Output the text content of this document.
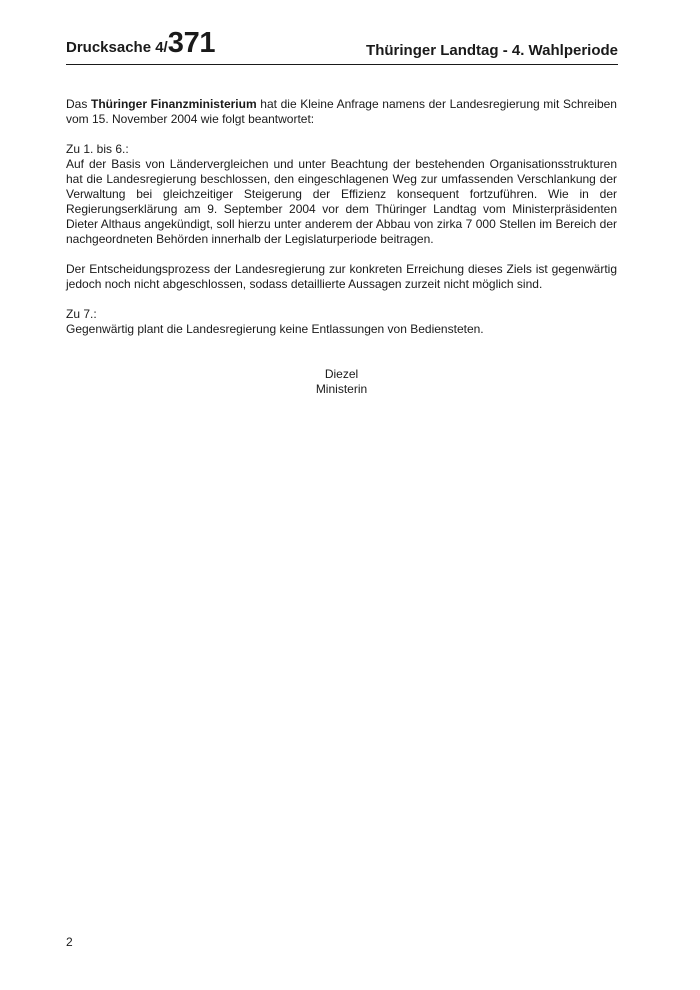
Drucksache 4/371	Thüringer Landtag - 4. Wahlperiode

Das Thüringer Finanzministerium hat die Kleine Anfrage namens der Landesregierung mit Schreiben vom 15. November 2004 wie folgt beantwortet:

Zu 1. bis 6.:
Auf der Basis von Ländervergleichen und unter Beachtung der bestehenden Organisationsstrukturen hat die Landesregierung beschlossen, den eingeschlagenen Weg zur umfassenden Verschlankung der Verwaltung bei gleichzeitiger Steigerung der Effizienz konsequent fortzuführen. Wie in der Regierungserklärung am 9. September 2004 vor dem Thüringer Landtag vom Ministerpräsidenten Dieter Althaus angekündigt, soll hierzu unter anderem der Abbau von zirka 7 000 Stellen im Bereich der nachgeordneten Behörden innerhalb der Legislaturperiode beitragen.

Der Entscheidungsprozess der Landesregierung zur konkreten Erreichung dieses Ziels ist gegenwärtig jedoch noch nicht abgeschlossen, sodass detaillierte Aussagen zurzeit nicht möglich sind.

Zu 7.:
Gegenwärtig plant die Landesregierung keine Entlassungen von Bediensteten.

Diezel
Ministerin
2
